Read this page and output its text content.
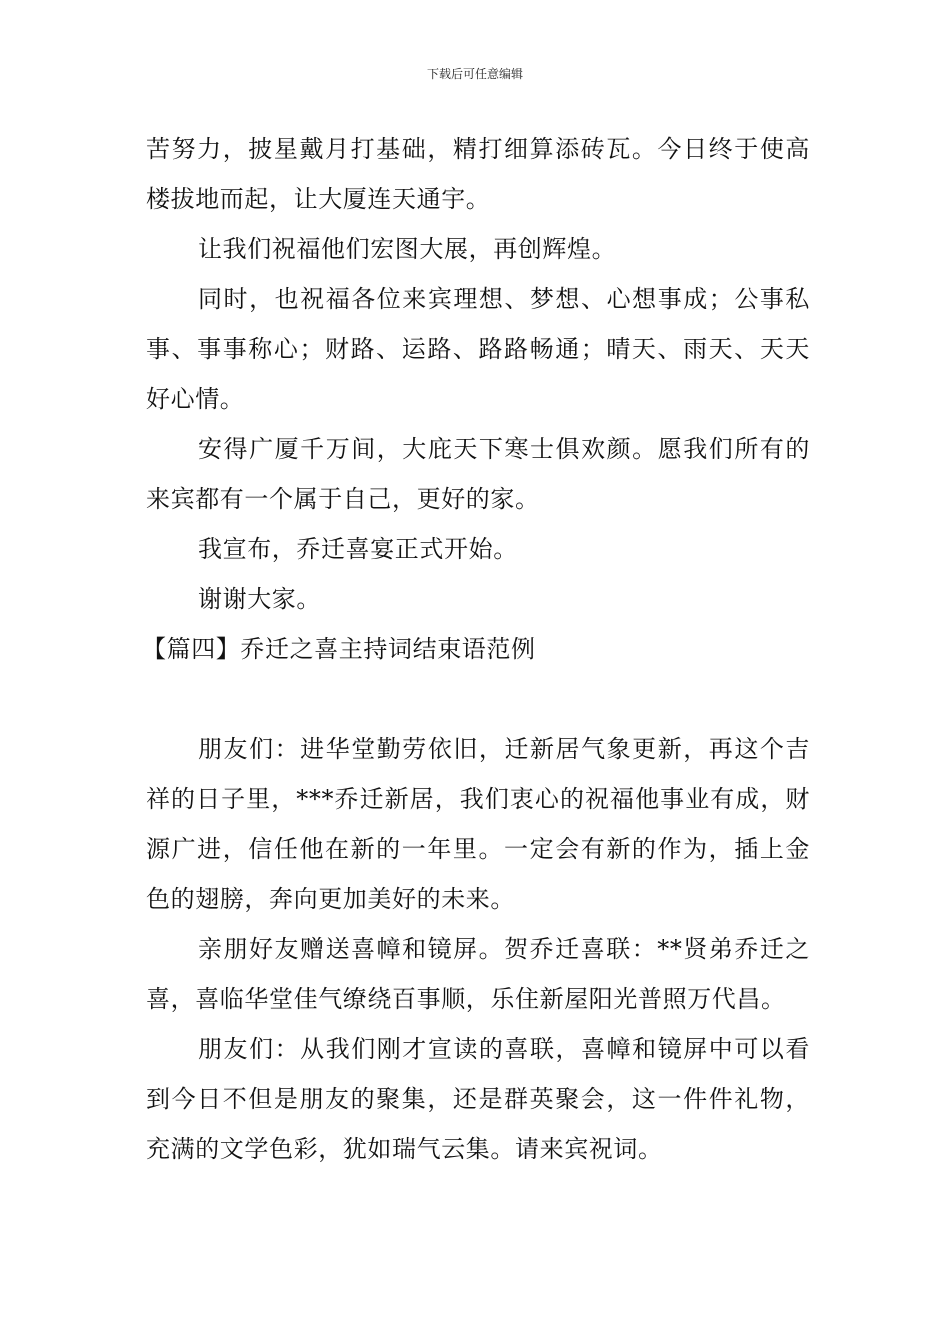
下载后可任意编辑

苦努力，披星戴月打基础，精打细算添砖瓦。今日终于使高楼拔地而起，让大厦连天通宇。

让我们祝福他们宏图大展，再创辉煌。

同时，也祝福各位来宾理想、梦想、心想事成；公事私事、事事称心；财路、运路、路路畅通；晴天、雨天、天天好心情。

安得广厦千万间，大庇天下寒士俱欢颜。愿我们所有的来宾都有一个属于自己，更好的家。

我宣布，乔迁喜宴正式开始。

谢谢大家。

【篇四】乔迁之喜主持词结束语范例

朋友们：进华堂勤劳依旧，迁新居气象更新，再这个吉祥的日子里，***乔迁新居，我们衷心的祝福他事业有成，财源广进，信任他在新的一年里。一定会有新的作为，插上金色的翅膀，奔向更加美好的未来。

亲朋好友赠送喜幛和镜屏。贺乔迁喜联：**贤弟乔迁之喜，喜临华堂佳气缭绕百事顺，乐住新屋阳光普照万代昌。

朋友们：从我们刚才宣读的喜联，喜幛和镜屏中可以看到今日不但是朋友的聚集，还是群英聚会，这一件件礼物，充满的文学色彩，犹如瑞气云集。请来宾祝词。
